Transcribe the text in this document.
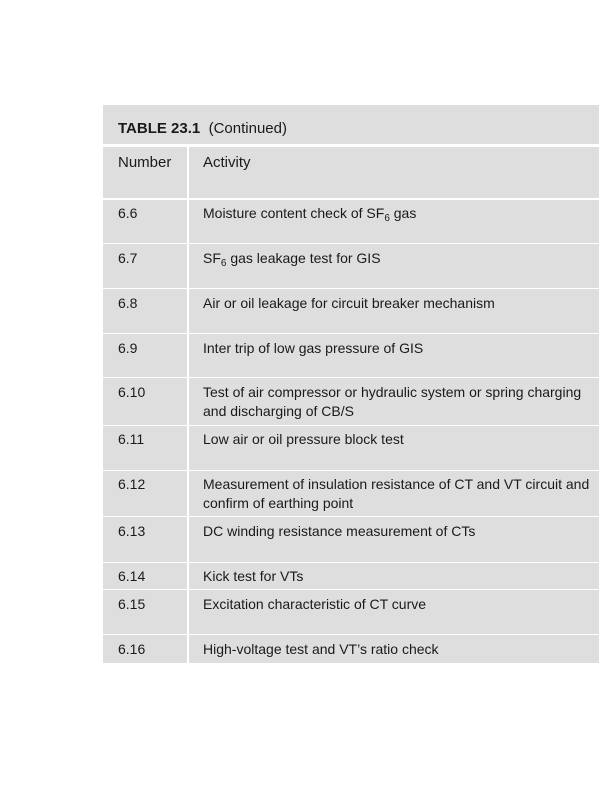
TABLE 23.1 (Continued)
Number Activity
6.6	Moisture content check of $SF_6$ gas
6.7	$SF_6$ gas leakage test for GIS
6.8	Air or oil leakage for circuit breaker mechanism
6.9	Inter trip of low gas pressure of GIS
6.10	Test of air compressor or hydraulic system or spring charging
and discharging of CB/S
6.11	Low air or oil pressure block test
6.12	Measurement of insulation resistance of CT and VT circuit and
confirm of earthing point
6.13	DC winding resistance measurement of CTs
6.14	Kick test for VTs
6.15	Excitation characteristic of CT curve
6.16	High-voltage test and VT’s ratio check
